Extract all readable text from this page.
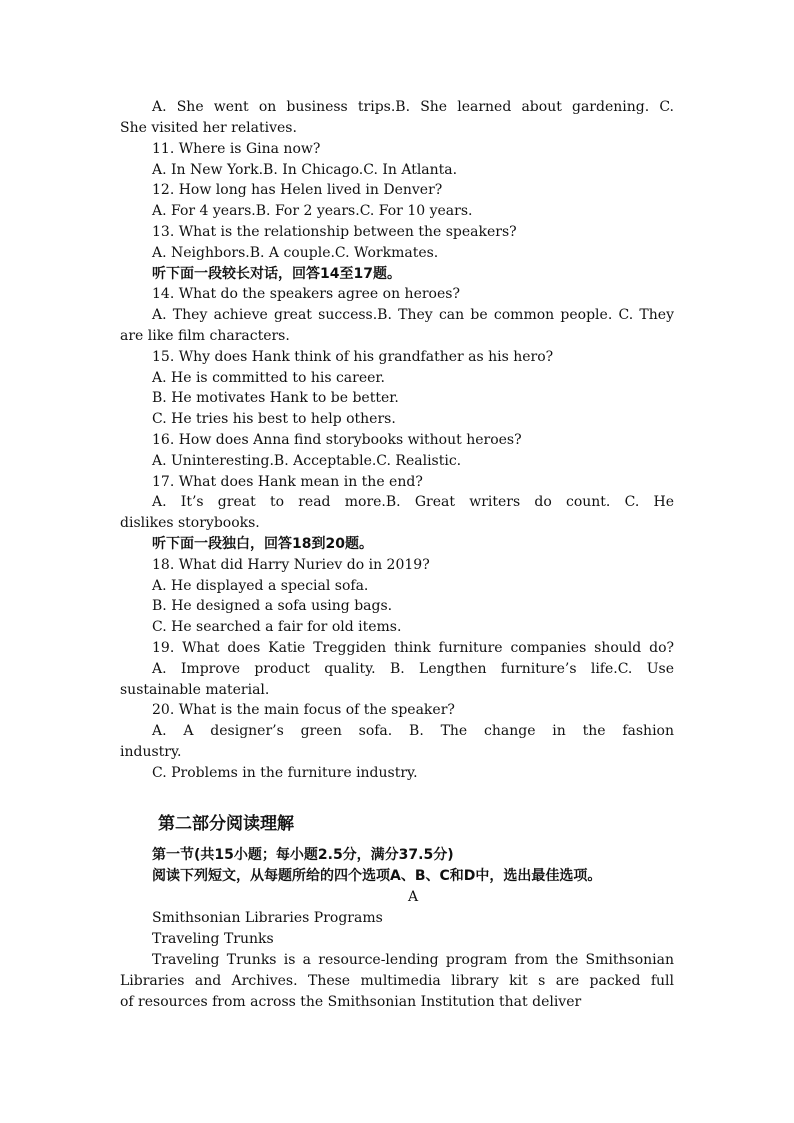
A. She went on business trips.B. She learned about gardening. C.
She visited her relatives.
11. Where is Gina now?
A. In New York.B. In Chicago.C. In Atlanta.
12. How long has Helen lived in Denver?
A. For 4 years.B. For 2 years.C. For 10 years.
13. What is the relationship between the speakers?
A. Neighbors.B. A couple.C. Workmates.
听下面一段较长对话，回答14至17题。
14. What do the speakers agree on heroes?
A. They achieve great success.B. They can be common people. C. They
are like film characters.
15. Why does Hank think of his grandfather as his hero?
A. He is committed to his career.
B. He motivates Hank to be better.
C. He tries his best to help others.
16. How does Anna find storybooks without heroes?
A. Uninteresting.B. Acceptable.C. Realistic.
17. What does Hank mean in the end?
A. It’s great to read more.B. Great writers do count. C. He
dislikes storybooks.
听下面一段独白，回答18到20题。
18. What did Harry Nuriev do in 2019?
A. He displayed a special sofa.
B. He designed a sofa using bags.
C. He searched a fair for old items.
19. What does Katie Treggiden think furniture companies should do?
A. Improve product quality. B. Lengthen furniture’s life.C. Use
sustainable material.
20. What is the main focus of the speaker?
A. A designer’s green sofa. B. The change in the fashion
industry.
C. Problems in the furniture industry.
第二部分阅读理解
第一节(共15小题；每小题2.5分，满分37.5分)
阅读下列短文，从每题所给的四个选项A、B、C和D中，选出最佳选项。
A
Smithsonian Libraries Programs
Traveling Trunks
Traveling Trunks is a resource-lending program from the Smithsonian
Libraries and Archives. These multimedia library kit s are packed full
of resources from across the Smithsonian Institution that deliver
